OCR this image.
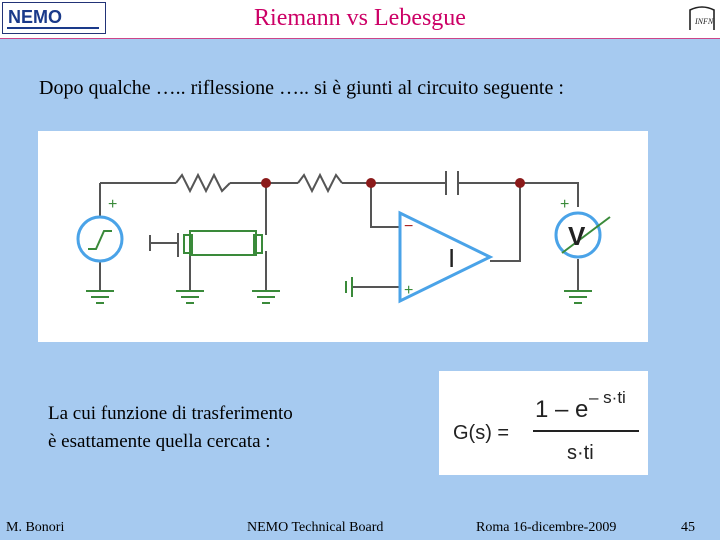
NEMO	Riemann vs Lebesgue	INFN
Dopo qualche ….. riflessione ….. si è giunti al circuito seguente :
+
−
+
I
V
+
La cui funzione di trasferimento
è esattamente quella cercata :	G(s) =
1 – e – s·ti
s·ti
M. Bonori	NEMO Technical Board	Roma 16-dicembre-2009	45
